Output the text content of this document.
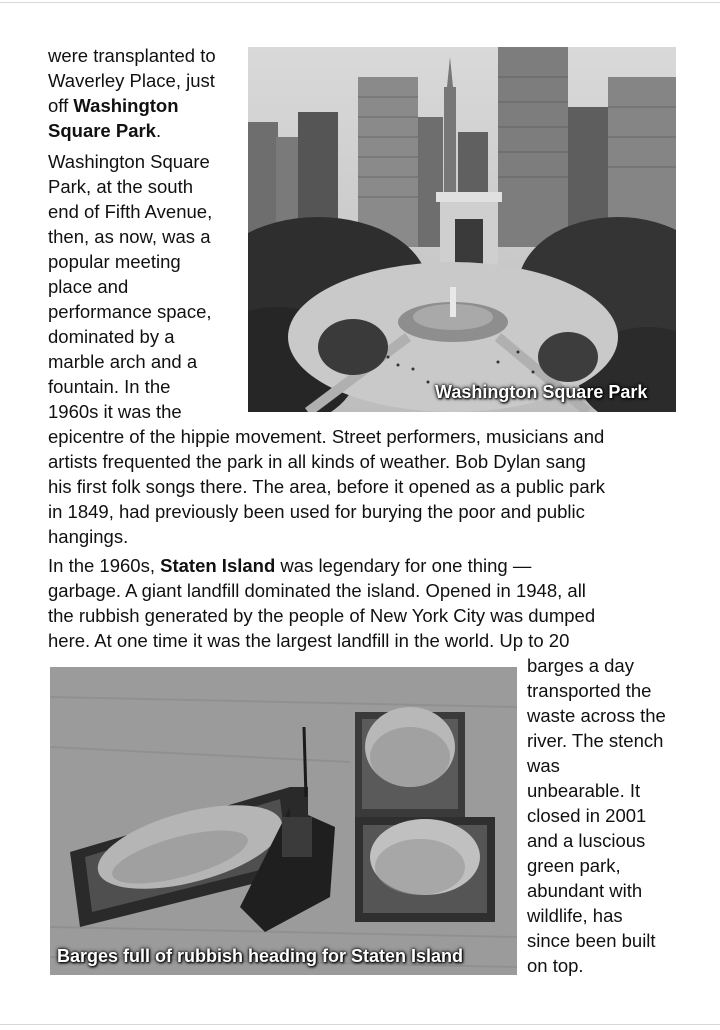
were transplanted to
Waverley Place, just
off Washington
Square Park.
Washington Square
Park, at the south
end of Fifth Avenue,
then, as now, was a
popular meeting
place and
performance space,
dominated by a
marble arch and a
fountain. In the
1960s it was the
epicentre of the hippie movement. Street performers, musicians and
artists frequented the park in all kinds of weather. Bob Dylan sang
his first folk songs there. The area, before it opened as a public park
in 1849, had previously been used for burying the poor and public
hangings.
In the 1960s, Staten Island was legendary for one thing —
garbage. A giant landfill dominated the island. Opened in 1948, all
the rubbish generated by the people of New York City was dumped
here. At one time it was the largest landfill in the world. Up to 20
barges a day
transported the
waste across the
river. The stench
was
unbearable. It
closed in 2001
and a luscious
green park,
abundant with
wildlife, has
since been built
on top.
Washington Square Park
Barges full of rubbish heading for Staten Island
